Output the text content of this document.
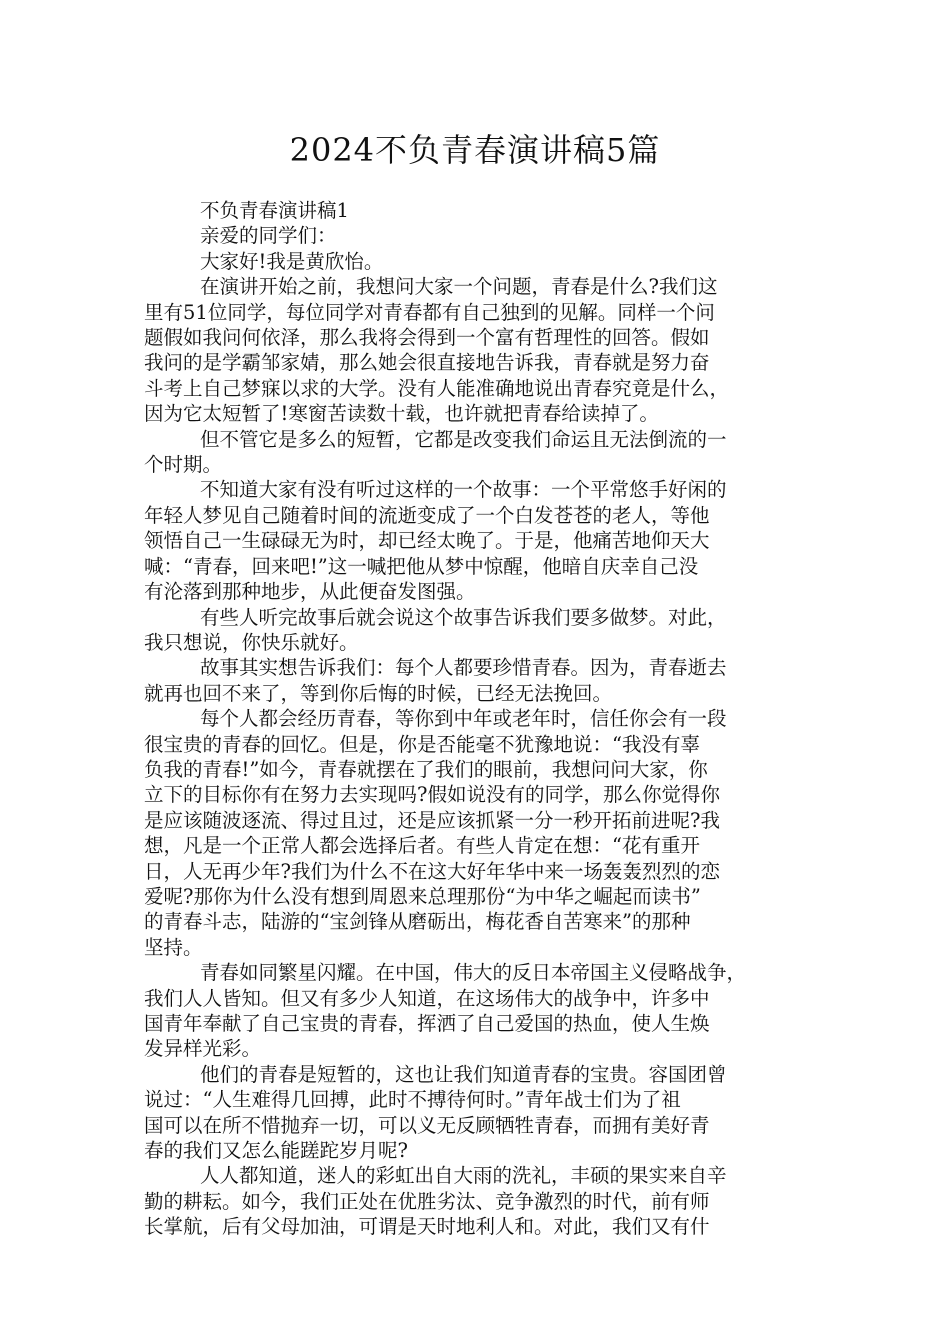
2024不负青春演讲稿5篇
不负青春演讲稿1
亲爱的同学们：
大家好!我是黄欣怡。
在演讲开始之前，我想问大家一个问题，青春是什么?我们这
里有51位同学，每位同学对青春都有自己独到的见解。同样一个问
题假如我问何依泽，那么我将会得到一个富有哲理性的回答。假如
我问的是学霸邹家婧，那么她会很直接地告诉我，青春就是努力奋
斗考上自己梦寐以求的大学。没有人能准确地说出青春究竟是什么，
因为它太短暂了!寒窗苦读数十载，也许就把青春给读掉了。
但不管它是多么的短暂，它都是改变我们命运且无法倒流的一
个时期。
不知道大家有没有听过这样的一个故事：一个平常悠手好闲的
年轻人梦见自己随着时间的流逝变成了一个白发苍苍的老人，等他
领悟自己一生碌碌无为时，却已经太晚了。于是，他痛苦地仰天大
喊：“青春，回来吧!”这一喊把他从梦中惊醒，他暗自庆幸自己没
有沦落到那种地步，从此便奋发图强。
有些人听完故事后就会说这个故事告诉我们要多做梦。对此，
我只想说，你快乐就好。
故事其实想告诉我们：每个人都要珍惜青春。因为，青春逝去
就再也回不来了，等到你后悔的时候，已经无法挽回。
每个人都会经历青春，等你到中年或老年时，信任你会有一段
很宝贵的青春的回忆。但是，你是否能毫不犹豫地说：“我没有辜
负我的青春!”如今，青春就摆在了我们的眼前，我想问问大家，你
立下的目标你有在努力去实现吗?假如说没有的同学，那么你觉得你
是应该随波逐流、得过且过，还是应该抓紧一分一秒开拓前进呢?我
想，凡是一个正常人都会选择后者。有些人肯定在想：“花有重开
日，人无再少年?我们为什么不在这大好年华中来一场轰轰烈烈的恋
爱呢?那你为什么没有想到周恩来总理那份“为中华之崛起而读书”
的青春斗志，陆游的“宝剑锋从磨砺出，梅花香自苦寒来”的那种
坚持。
青春如同繁星闪耀。在中国，伟大的反日本帝国主义侵略战争，
我们人人皆知。但又有多少人知道，在这场伟大的战争中，许多中
国青年奉献了自己宝贵的青春，挥洒了自己爱国的热血，使人生焕
发异样光彩。
他们的青春是短暂的，这也让我们知道青春的宝贵。容国团曾
说过：“人生难得几回搏，此时不搏待何时。”青年战士们为了祖
国可以在所不惜抛弃一切，可以义无反顾牺牲青春，而拥有美好青
春的我们又怎么能蹉跎岁月呢?
人人都知道，迷人的彩虹出自大雨的洗礼，丰硕的果实来自辛
勤的耕耘。如今，我们正处在优胜劣汰、竞争激烈的时代，前有师
长掌航，后有父母加油，可谓是天时地利人和。对此，我们又有什
